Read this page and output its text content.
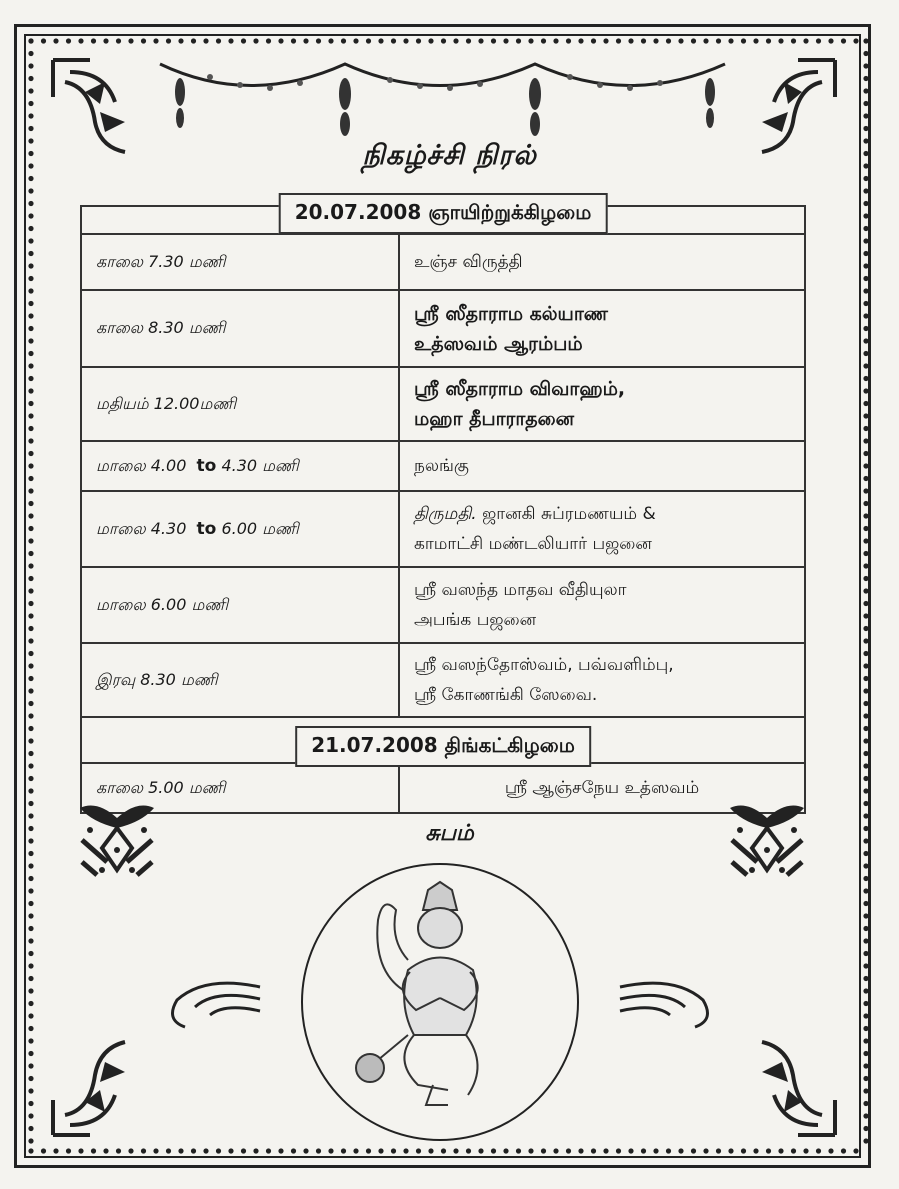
நிகழ்ச்சி நிரல்
20.07.2008 ஞாயிற்றுக்கிழமை	

காலை 7.30 மணி	உஞ்ச விருத்தி
காலை 8.30 மணி	ஸ்ரீ ஸீதாராம கல்யாண
உத்ஸவம் ஆரம்பம்
மதியம் 12.00மணி	ஸ்ரீ ஸீதாராம விவாஹம்,
மஹா தீபாராதனை
மாலை 4.00 to 4.30 மணி	நலங்கு
மாலை 4.30 to 6.00 மணி	திருமதி. ஜானகி சுப்ரமணயம் &
காமாட்சி மண்டலியார் பஜனை
மாலை 6.00 மணி	ஸ்ரீ வஸந்த மாதவ வீதியுலா
அபங்க பஜனை
இரவு 8.30 மணி	ஸ்ரீ வஸந்தோஸ்வம், பவ்வளிம்பு,
ஸ்ரீ கோணங்கி ஸேவை.

21.07.2008 திங்கட்கிழமை	

காலை 5.00 மணி	ஸ்ரீ ஆஞ்சநேய உத்ஸவம்
சுபம்
